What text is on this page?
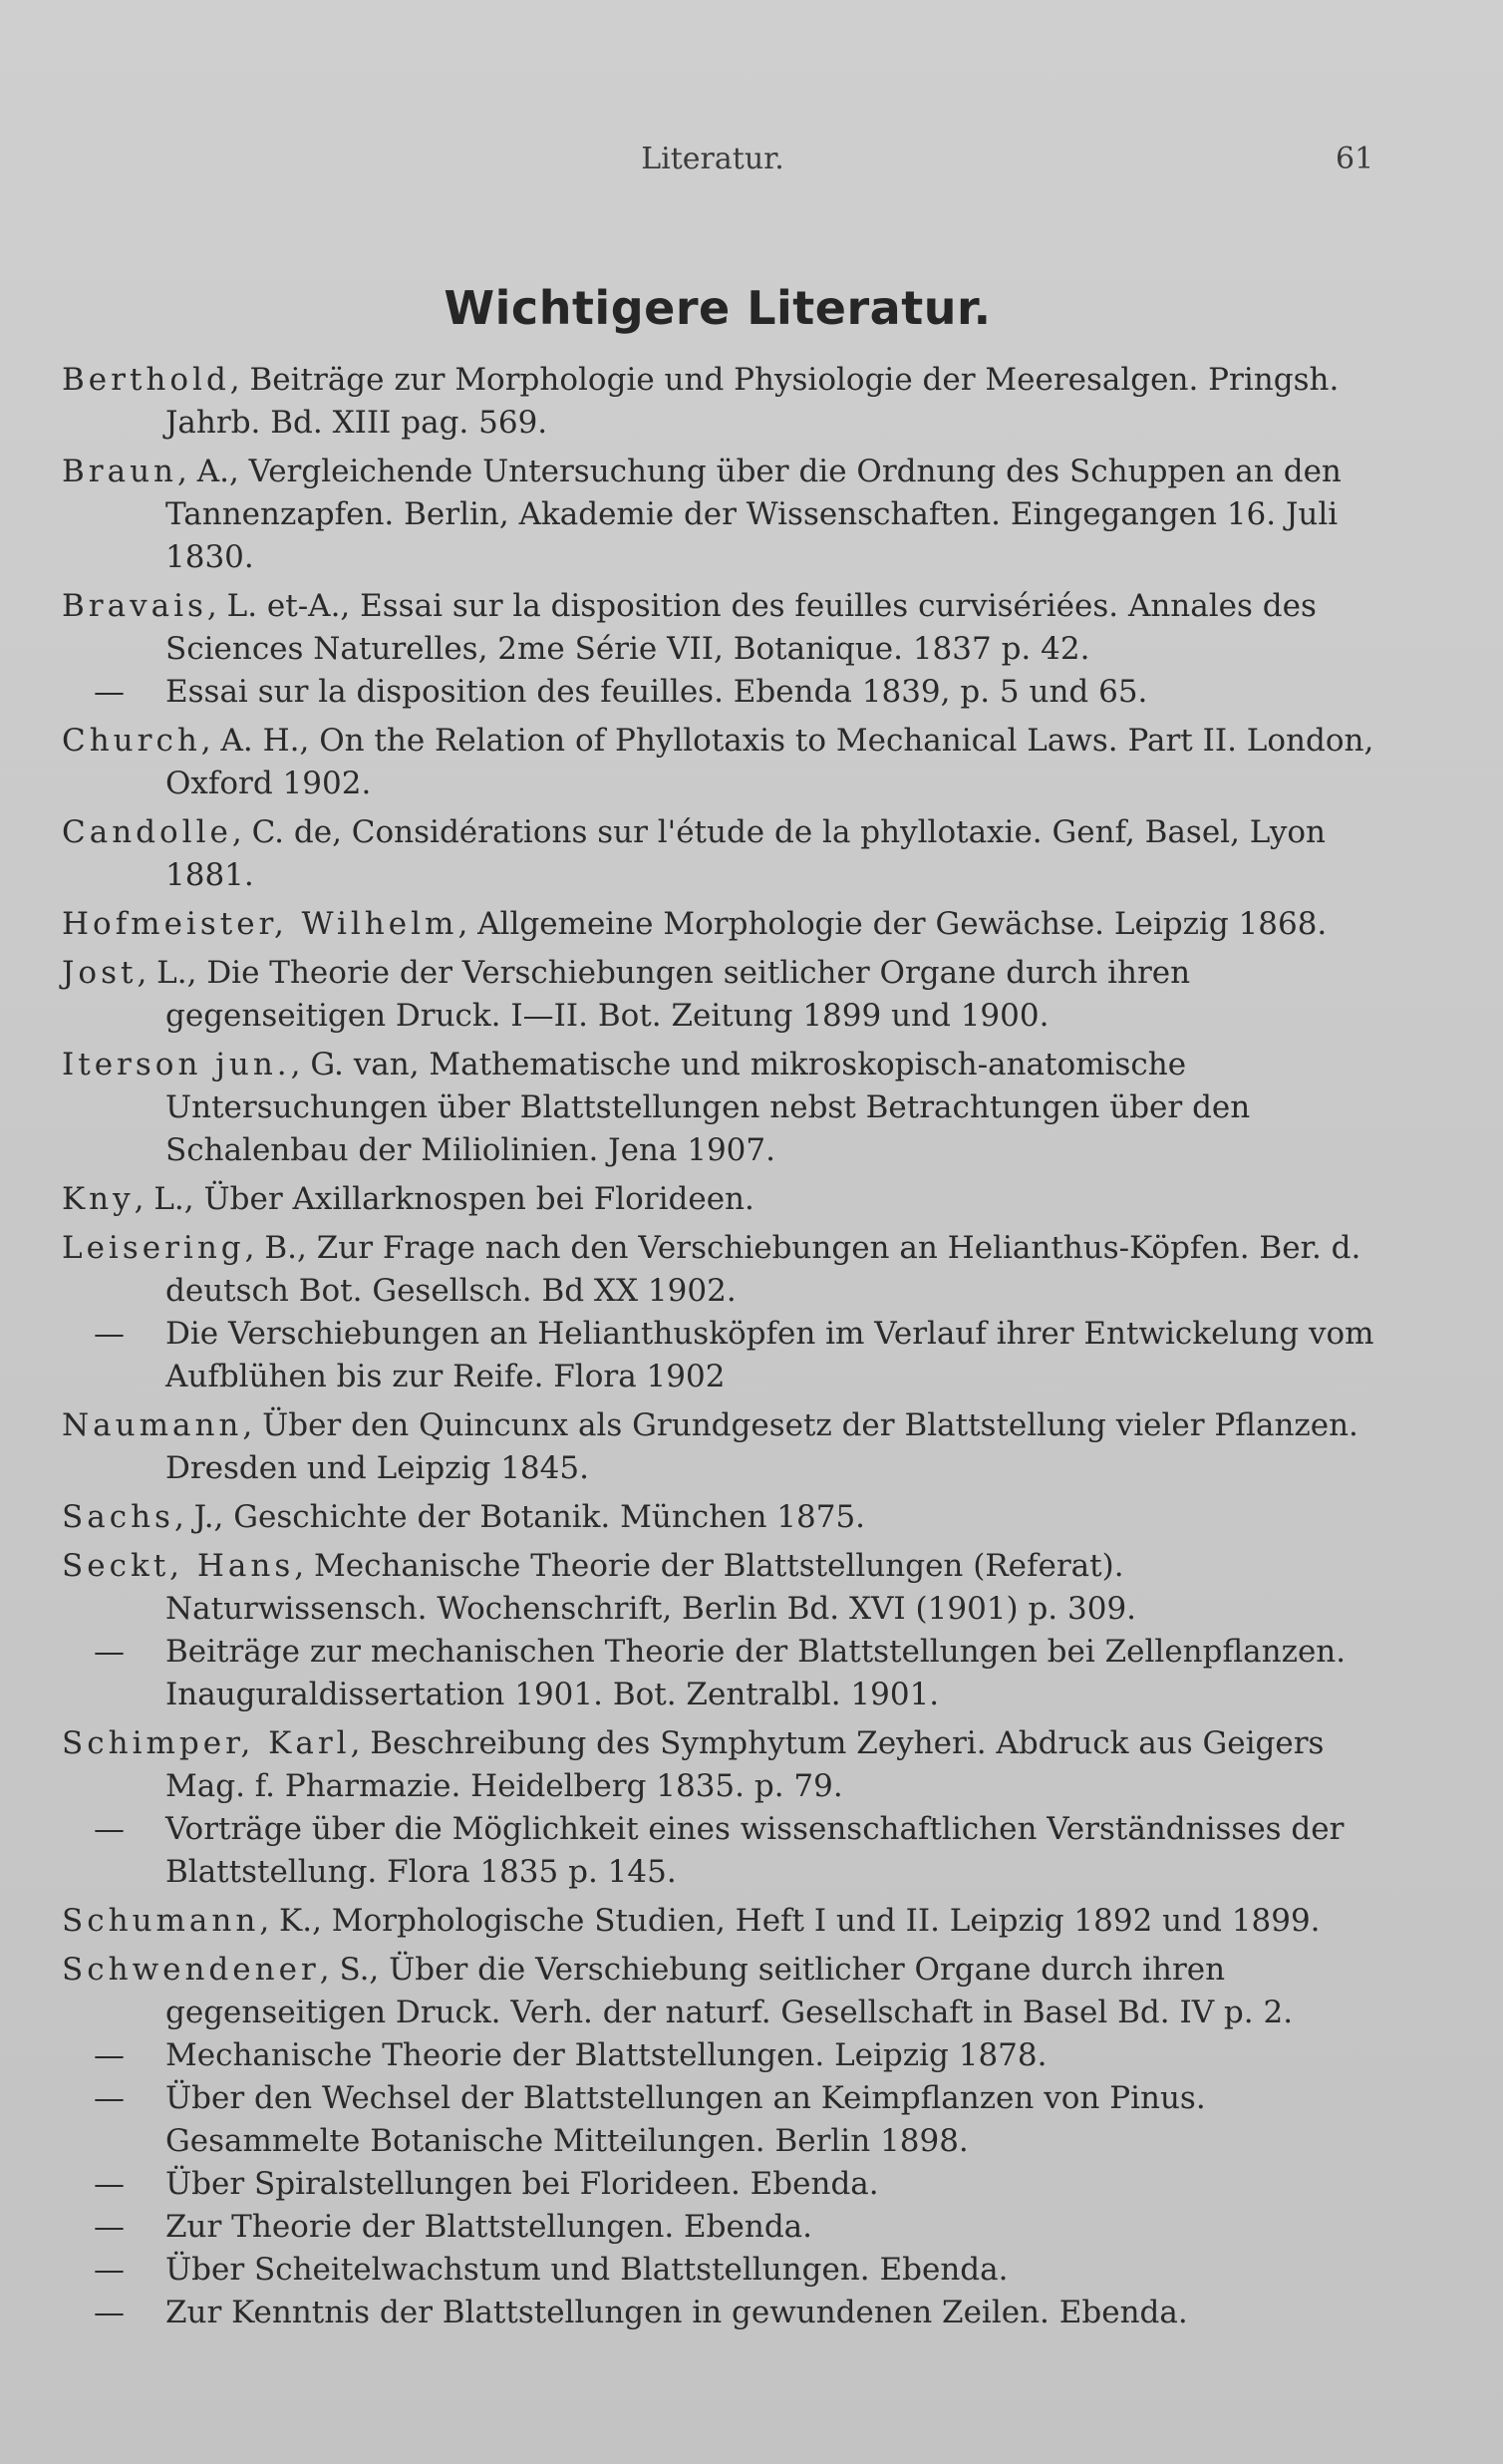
Literatur.	61
Wichtigere Literatur.
Berthold, Beiträge zur Morphologie und Physiologie der Meeresalgen. Pringsh. Jahrb. Bd. XIII pag. 569.
Braun, A., Vergleichende Untersuchung über die Ordnung des Schuppen an den Tannenzapfen. Berlin, Akademie der Wissenschaften. Eingegangen 16. Juli 1830.
Bravais, L. et-A., Essai sur la disposition des feuilles curvisériées. Annales des Sciences Naturelles, 2me Série VII, Botanique. 1837 p. 42.
— Essai sur la disposition des feuilles. Ebenda 1839, p. 5 und 65.
Church, A. H., On the Relation of Phyllotaxis to Mechanical Laws. Part II. London, Oxford 1902.
Candolle, C. de, Considérations sur l'étude de la phyllotaxie. Genf, Basel, Lyon 1881.
Hofmeister, Wilhelm, Allgemeine Morphologie der Gewächse. Leipzig 1868.
Jost, L., Die Theorie der Verschiebungen seitlicher Organe durch ihren gegenseitigen Druck. I—II. Bot. Zeitung 1899 und 1900.
Iterson jun., G. van, Mathematische und mikroskopisch-anatomische Untersuchungen über Blattstellungen nebst Betrachtungen über den Schalenbau der Miliolinien. Jena 1907.
Kny, L., Über Axillarknospen bei Florideen.
Leisering, B., Zur Frage nach den Verschiebungen an Helianthus-Köpfen. Ber. d. deutsch Bot. Gesellsch. Bd XX 1902.
— Die Verschiebungen an Helianthusköpfen im Verlauf ihrer Entwickelung vom Aufblühen bis zur Reife. Flora 1902
Naumann, Über den Quincunx als Grundgesetz der Blattstellung vieler Pflanzen. Dresden und Leipzig 1845.
Sachs, J., Geschichte der Botanik. München 1875.
Seckt, Hans, Mechanische Theorie der Blattstellungen (Referat). Naturwissensch. Wochenschrift, Berlin Bd. XVI (1901) p. 309.
— Beiträge zur mechanischen Theorie der Blattstellungen bei Zellenpflanzen. Inauguraldissertation 1901. Bot. Zentralbl. 1901.
Schimper, Karl, Beschreibung des Symphytum Zeyheri. Abdruck aus Geigers Mag. f. Pharmazie. Heidelberg 1835. p. 79.
— Vorträge über die Möglichkeit eines wissenschaftlichen Verständnisses der Blattstellung. Flora 1835 p. 145.
Schumann, K., Morphologische Studien, Heft I und II. Leipzig 1892 und 1899.
Schwendener, S., Über die Verschiebung seitlicher Organe durch ihren gegenseitigen Druck. Verh. der naturf. Gesellschaft in Basel Bd. IV p. 2.
— Mechanische Theorie der Blattstellungen. Leipzig 1878.
— Über den Wechsel der Blattstellungen an Keimpflanzen von Pinus. Gesammelte Botanische Mitteilungen. Berlin 1898.
— Über Spiralstellungen bei Florideen. Ebenda.
— Zur Theorie der Blattstellungen. Ebenda.
— Über Scheitelwachstum und Blattstellungen. Ebenda.
— Zur Kenntnis der Blattstellungen in gewundenen Zeilen. Ebenda.
